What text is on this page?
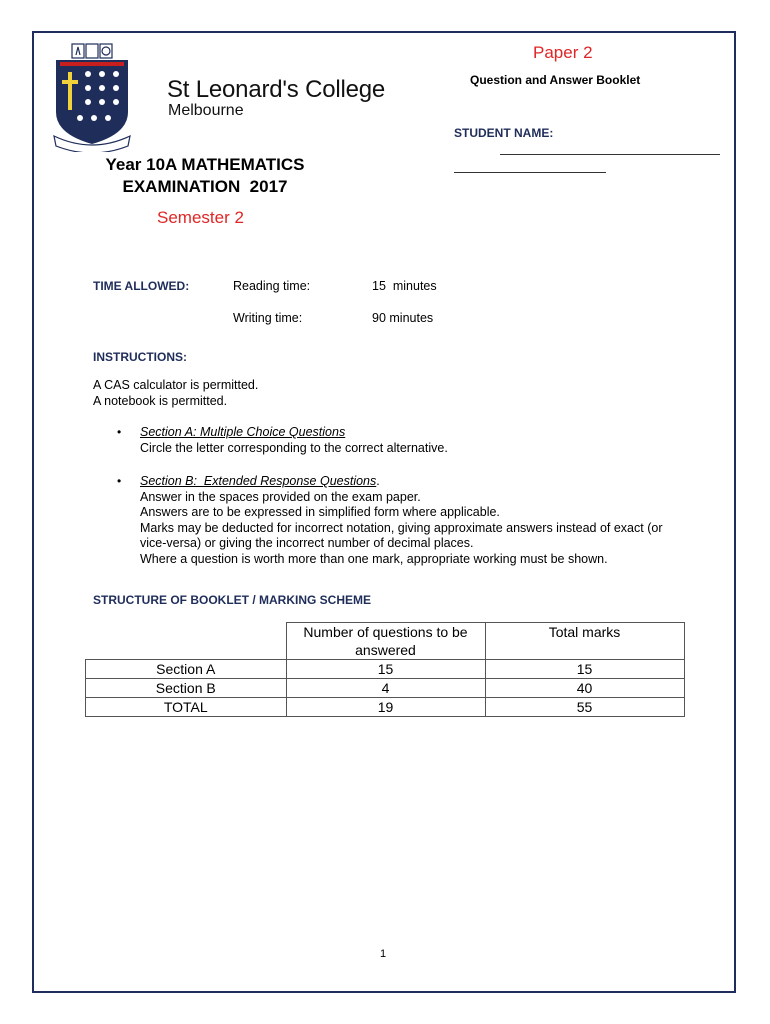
St Leonard's College
Melbourne
Paper 2
Question and Answer Booklet
STUDENT NAME:
Year 10A MATHEMATICS
EXAMINATION  2017
Semester 2
TIME ALLOWED:	Reading time:	15  minutes
Writing time:	90 minutes
INSTRUCTIONS:
A CAS calculator is permitted.
A notebook is permitted.
• Section A: Multiple Choice Questions
Circle the letter corresponding to the correct alternative.
• Section B:  Extended Response Questions.
Answer in the spaces provided on the exam paper.
Answers are to be expressed in simplified form where applicable.
Marks may be deducted for incorrect notation, giving approximate answers instead of exact (or
vice-versa) or giving the incorrect number of decimal places.
Where a question is worth more than one mark, appropriate working must be shown.
STRUCTURE OF BOOKLET / MARKING SCHEME

	Number of questions to be
answered	Total marks
Section A	15	15
Section B	4	40
TOTAL	19	55
1
